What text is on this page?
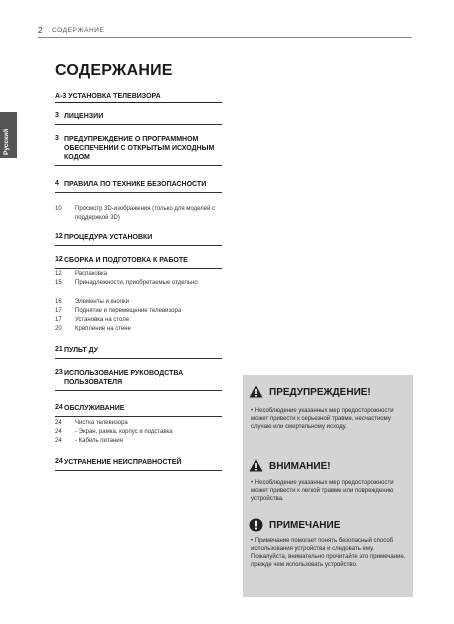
2 СОДЕРЖАНИЕ
Русский
СОДЕРЖАНИЕ
A-3 УСТАНОВКА ТЕЛЕВИЗОРА
3 ЛИЦЕНЗИИ
3 ПРЕДУПРЕЖДЕНИЕ О ПРОГРАММНОМ ОБЕСПЕЧЕНИИ С ОТКРЫТЫМ ИСХОДНЫМ КОДОМ
4 ПРАВИЛА ПО ТЕХНИКЕ БЕЗОПАСНОСТИ
10 Просмотр 3D-изображения (только для моделей с поддержкой 3D)
12 ПРОЦЕДУРА УСТАНОВКИ
12 СБОРКА И ПОДГОТОВКА К РАБОТЕ
12 Распаковка
15 Принадлежности, приобретаемые отдельно
16 Элементы и кнопки
17 Поднятие и перемещение телевизора
17 Установка на столе
20 Крепление на стене
21 ПУЛЬТ ДУ
23 ИСПОЛЬЗОВАНИЕ РУКОВОДСТВА ПОЛЬЗОВАТЕЛЯ
24 ОБСЛУЖИВАНИЕ
24 Чистка телевизора
24 - Экран, рамка, корпус и подставка
24 - Кабель питания
24 УСТРАНЕНИЕ НЕИСПРАВНОСТЕЙ
ПРЕДУПРЕЖДЕНИЕ!
• Несоблюдение указанных мер предосторожности может привести к серьезной травме, несчастному случаю или смертельному исходу.
ВНИМАНИЕ!
• Несоблюдение указанных мер предосторожности может привести к легкой травме или повреждению устройства.
ПРИМЕЧАНИЕ
• Примечание помогает понять безопасный способ использования устройства и следовать ему. Пожалуйста, внимательно прочитайте это примечание, прежде чем использовать устройство.
